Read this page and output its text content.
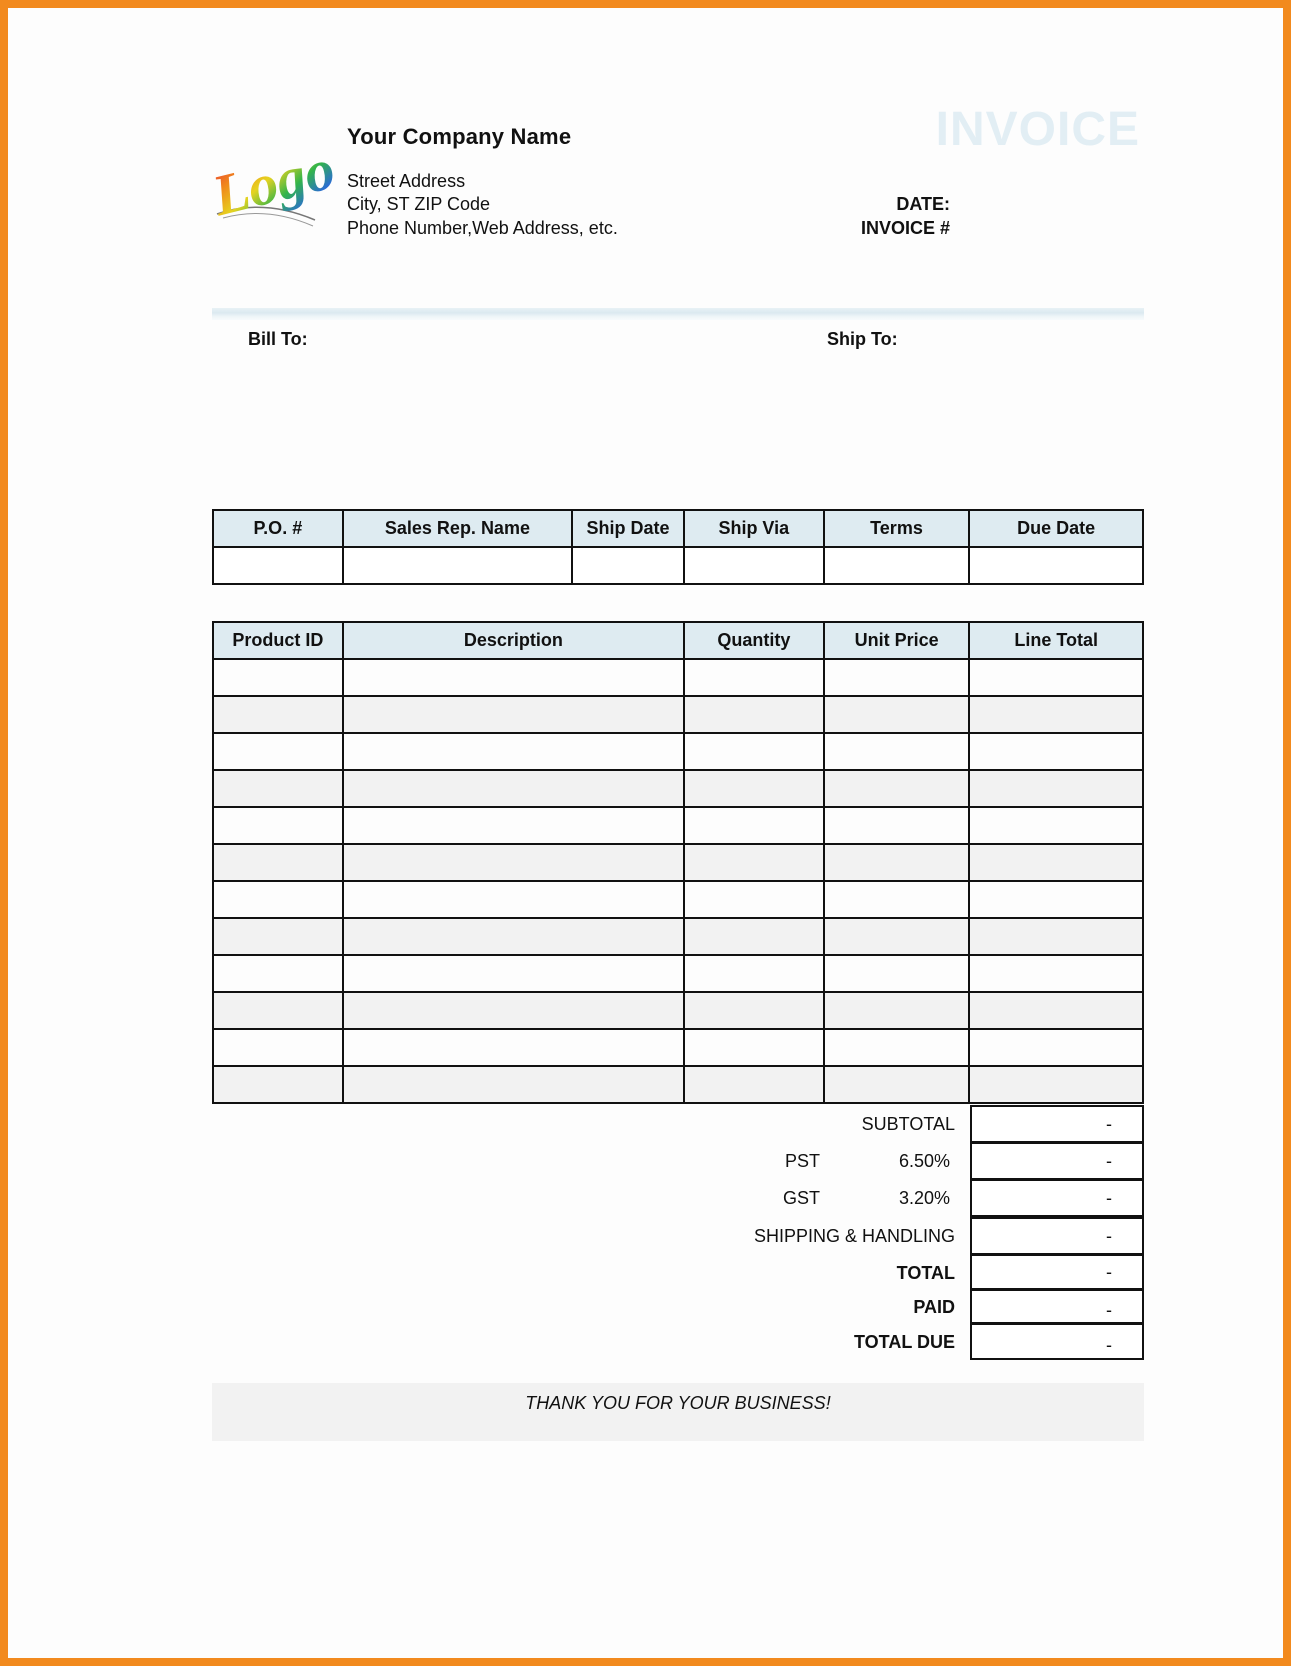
Logo Your Company Name
Street Address
City, ST ZIP Code
Phone Number,Web Address, etc.
INVOICE
DATE:
INVOICE #
Bill To:	Ship To:
P.O. #	Sales Rep. Name	Ship Date	Ship Via	Terms	Due Date

Product ID	Description	Quantity	Unit Price	Line Total

SUBTOTAL	-
PST	6.50%	-
GST	3.20%	-
SHIPPING & HANDLING	-
TOTAL	-
PAID	-
TOTAL DUE	-
THANK YOU FOR YOUR BUSINESS!
